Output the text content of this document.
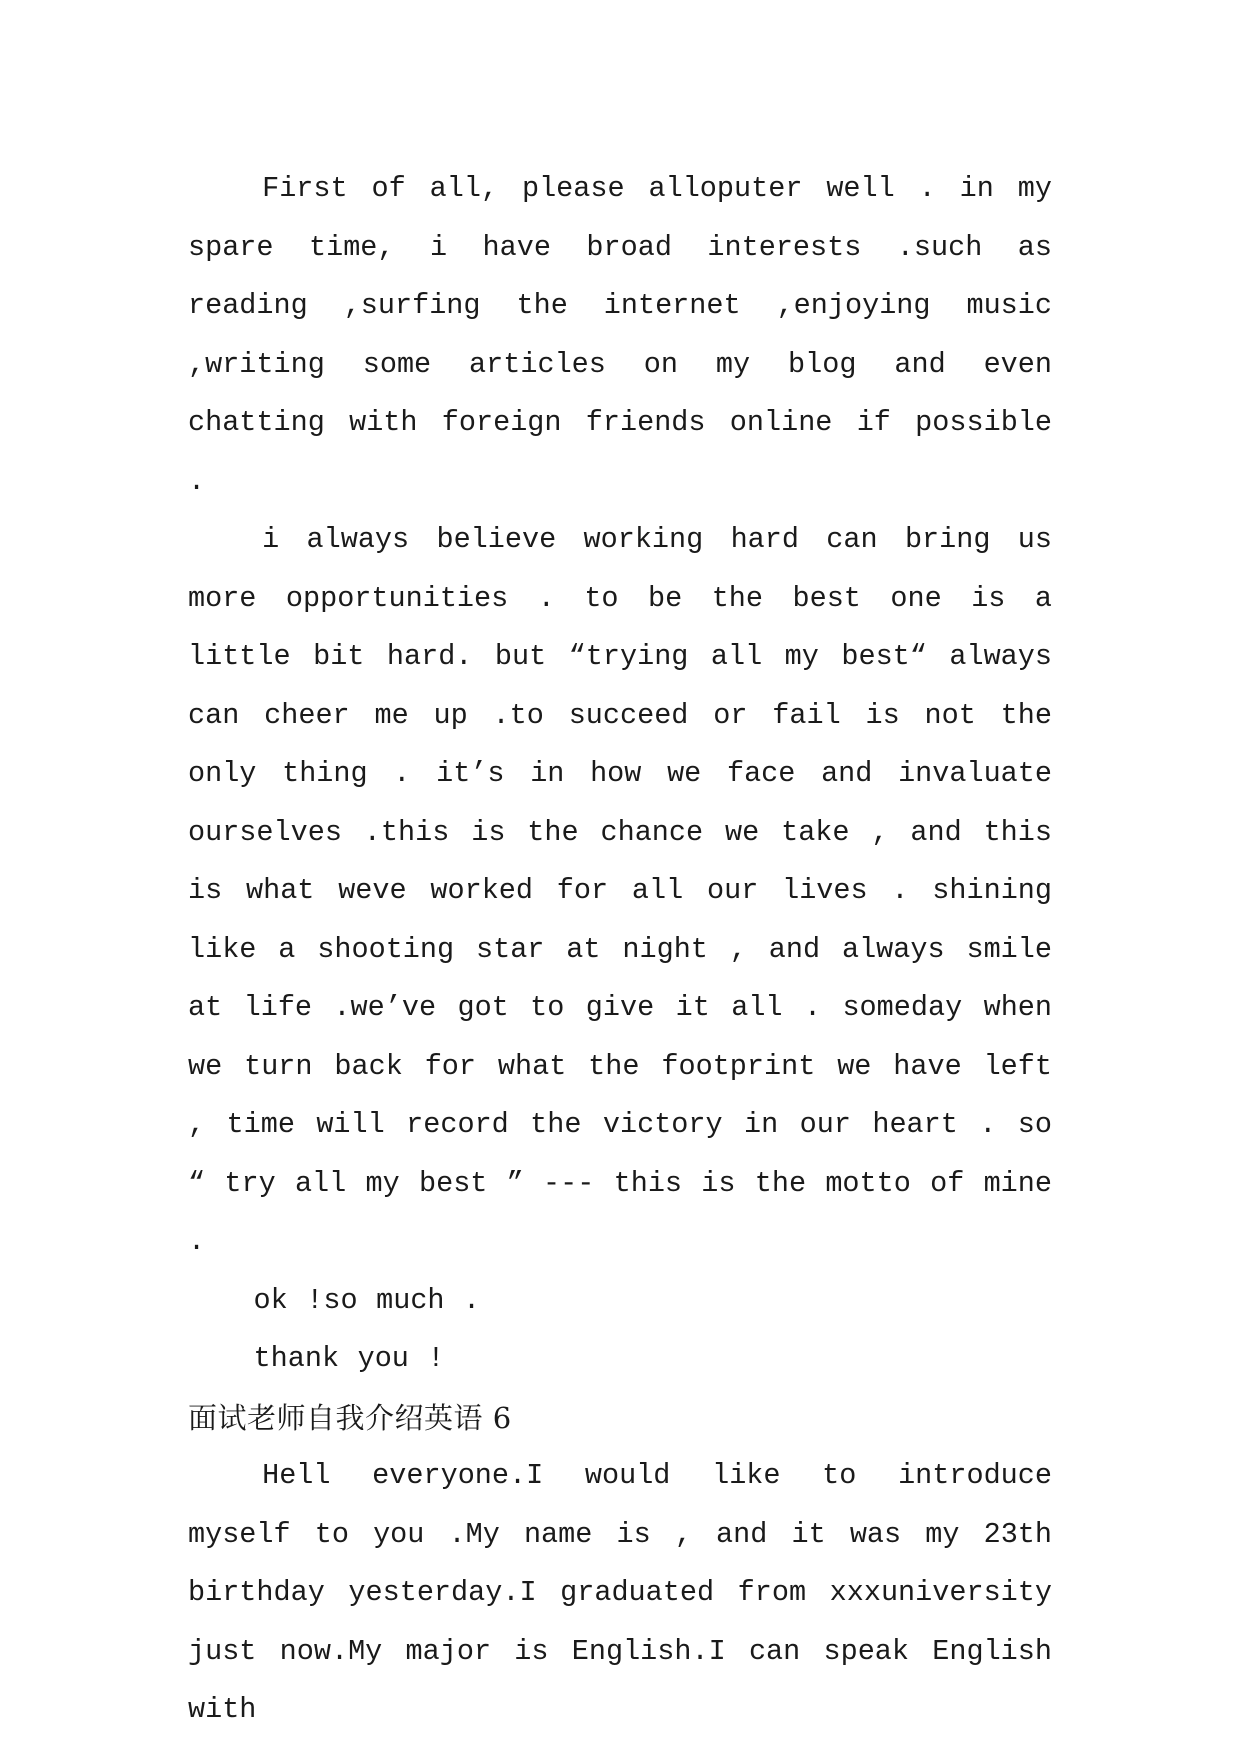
First of all, please alloputer well . in my spare time, i have broad interests .such as reading ,surfing the internet ,enjoying music ,writing some articles on my blog and even chatting with foreign friends online if possible .

i always believe working hard can bring us more opportunities . to be the best one is a little bit hard. but “trying all my best“ always can cheer me up .to succeed or fail is not the only thing . it’s in how we face and invaluate ourselves .this is the chance we take , and this is what weve worked for all our lives . shining like a shooting star at night , and always smile at life .we’ve got to give it all . someday when we turn back for what the footprint we have left , time will record the victory in our heart . so “ try all my best ” --- this is the motto of mine .

ok !so much .

thank you !

面试老师自我介绍英语 6

Hell everyone.I would like to introduce myself to you .My name is , and it was my 23th birthday yesterday.I graduated from xxxuniversity just now.My major is English.I can speak English with
